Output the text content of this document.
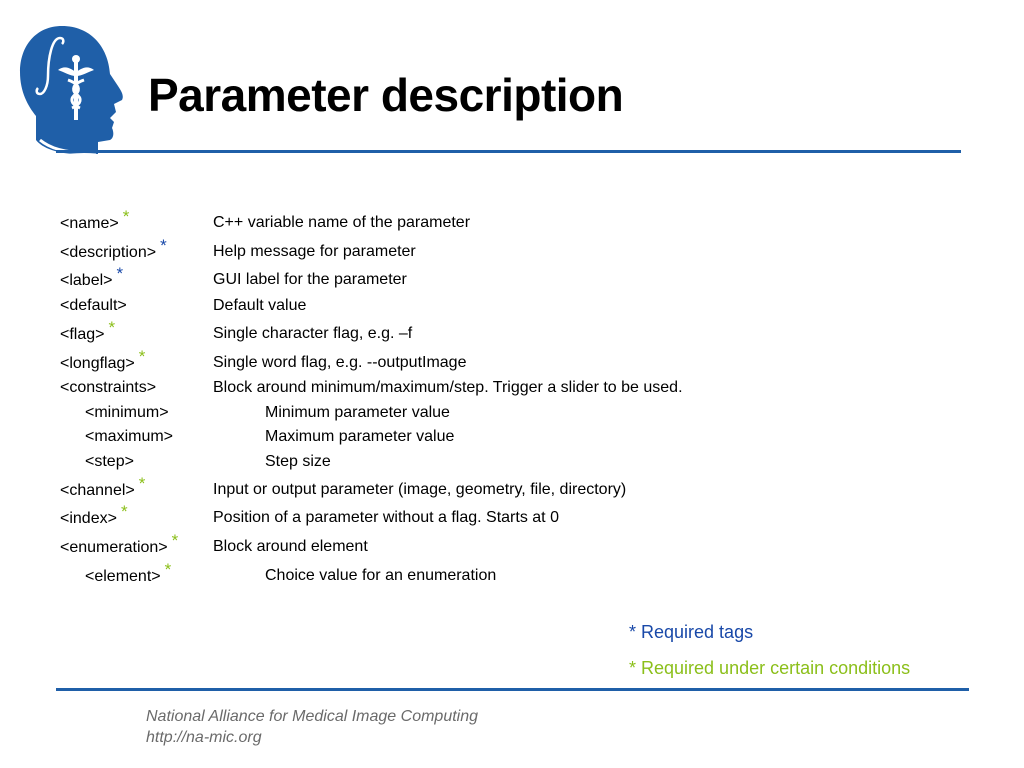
Parameter description
<name> *	C++ variable name of the parameter
<description> *	Help message for parameter
<label> *	GUI label for the parameter
<default>	Default value
<flag> *	Single character flag, e.g. –f
<longflag> *	Single word flag, e.g. --outputImage
<constraints>	Block around minimum/maximum/step. Trigger a slider to be used.
<minimum>	Minimum parameter value
<maximum>	Maximum parameter value
<step>	Step size
<channel> *	Input or output parameter (image, geometry, file, directory)
<index> *	Position of a parameter without a flag. Starts at 0
<enumeration> * Block around element
<element> *	Choice value for an enumeration
* Required tags
* Required under certain conditions
National Alliance for Medical Image Computing
http://na-mic.org
